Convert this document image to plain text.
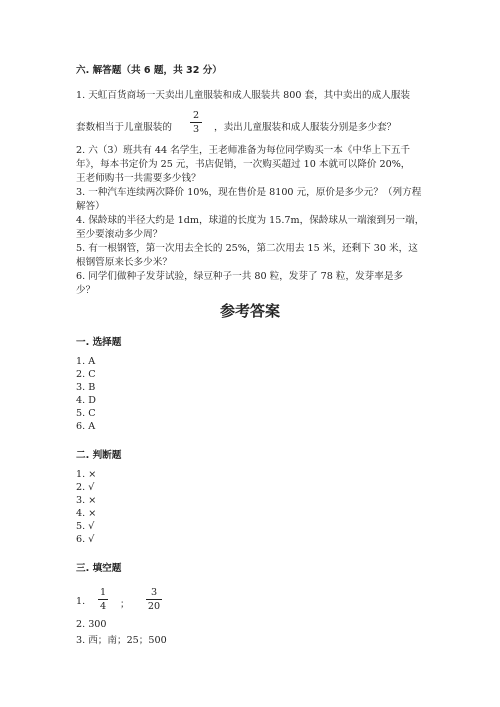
六. 解答题（共 6 题，共 32 分）
1. 天虹百货商场一天卖出儿童服装和成人服装共 800 套，其中卖出的成人服装
套数相当于儿童服装的
2
3	，卖出儿童服装和成人服装分别是多少套？
2. 六（3）班共有 44 名学生，王老师准备为每位同学购买一本《中华上下五千
年》，每本书定价为 25 元，书店促销，一次购买超过 10 本就可以降价 20%，
王老师购书一共需要多少钱？
3. 一种汽车连续两次降价 10%，现在售价是 8100 元，原价是多少元？（列方程
解答）
4. 保龄球的半径大约是 1dm，球道的长度为 15.7m，保龄球从一端滚到另一端，
至少要滚动多少周？
5. 有一根钢管，第一次用去全长的 25%，第二次用去 15 米，还剩下 30 米，这
根钢管原来长多少米？
6. 同学们做种子发芽试验，绿豆种子一共 80 粒，发芽了 78 粒，发芽率是多
少？
参考答案
一. 选择题
1. A
2. C
3. B
4. D
5. C
6. A
二. 判断题
1. ×
2. √
3. ×
4. ×
5. √
6. √
三. 填空题
1.
1
4 ；
3
20
2. 300
3. 西；南；25；500
